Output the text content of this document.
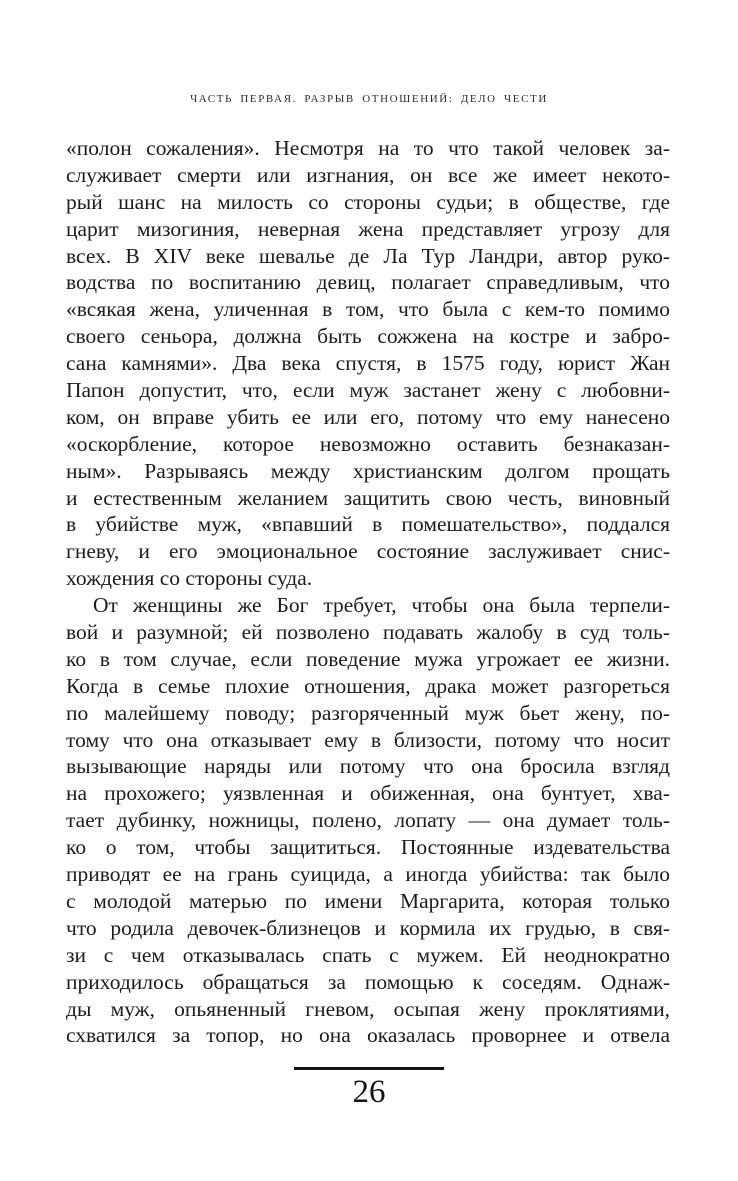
ЧАСТЬ ПЕРВАЯ. РАЗРЫВ ОТНОШЕНИЙ: ДЕЛО ЧЕСТИ
«полон сожаления». Несмотря на то что такой человек за-
служивает смерти или изгнания, он все же имеет некото-
рый шанс на милость со стороны судьи; в обществе, где
царит мизогиния, неверная жена представляет угрозу для
всех. В XIV веке шевалье де Ла Тур Ландри, автор руко-
водства по воспитанию девиц, полагает справедливым, что
«всякая жена, уличенная в том, что была с кем-то помимо
своего сеньора, должна быть сожжена на костре и забро-
сана камнями». Два века спустя, в 1575 году, юрист Жан
Папон допустит, что, если муж застанет жену с любовни-
ком, он вправе убить ее или его, потому что ему нанесено
«оскорбление, которое невозможно оставить безнаказан-
ным». Разрываясь между христианским долгом прощать
и естественным желанием защитить свою честь, виновный
в убийстве муж, «впавший в помешательство», поддался
гневу, и его эмоциональное состояние заслуживает снис-
хождения со стороны суда.
От женщины же Бог требует, чтобы она была терпели-
вой и разумной; ей позволено подавать жалобу в суд толь-
ко в том случае, если поведение мужа угрожает ее жизни.
Когда в семье плохие отношения, драка может разгореться
по малейшему поводу; разгоряченный муж бьет жену, по-
тому что она отказывает ему в близости, потому что носит
вызывающие наряды или потому что она бросила взгляд
на прохожего; уязвленная и обиженная, она бунтует, хва-
тает дубинку, ножницы, полено, лопату — она думает толь-
ко о том, чтобы защититься. Постоянные издевательства
приводят ее на грань суицида, а иногда убийства: так было
с молодой матерью по имени Маргарита, которая только
что родила девочек-близнецов и кормила их грудью, в свя-
зи с чем отказывалась спать с мужем. Ей неоднократно
приходилось обращаться за помощью к соседям. Однаж-
ды муж, опьяненный гневом, осыпая жену проклятиями,
схватился за топор, но она оказалась проворнее и отвела
26
